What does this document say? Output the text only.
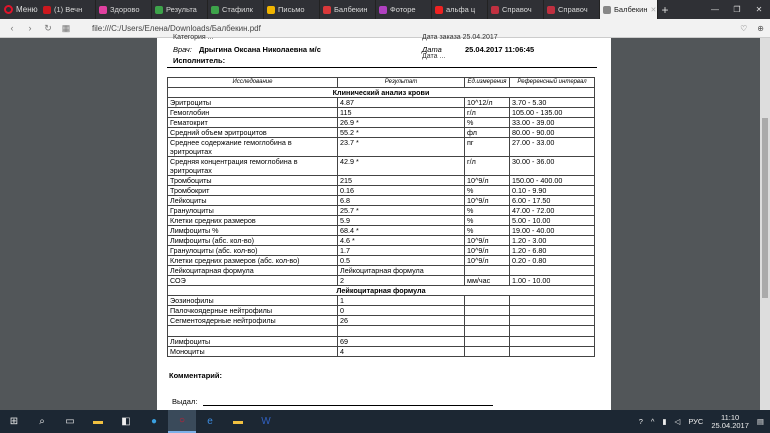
Меню (1) Вечн	Здорово	Результа	Стафилк	Письмо	Балбекин	Фоторе	альфа ц	Справоч	Справоч	Балбекин ✕ +	—	❐	✕
‹	›	↻ ▦	file:///C:/Users/Елена/Downloads/Балбекин.pdf	♡ ⊕
Категория ...	Дата заказа 25.04.2017
Врач: Дрыгина Оксана Николаевна м/с	Дата	25.04.2017 11:06:45
Исполнитель:	Дата ...
Исследование	Результат	Ед.измерения	Референсный интервал
Клинический анализ крови			
Эритроциты	4.87	10^12/л	3.70 - 5.30
Гемоглобин	115	г/л	105.00 - 135.00
Гематокрит	26.9 *	%	33.00 - 39.00
Средний объем эритроцитов	55.2 *	фл	80.00 - 90.00
Среднее содержание гемоглобина в эритроцитах	23.7 *	пг	27.00 - 33.00
Средняя концентрация гемоглобина в эритроцитах	42.9 *	г/л	30.00 - 36.00
Тромбоциты	215	10^9/л	150.00 - 400.00
Тромбокрит	0.16	%	0.10 - 9.90
Лейкоциты	6.8	10^9/л	6.00 - 17.50
Гранулоциты	25.7 *	%	47.00 - 72.00
Клетки средних размеров	5.9	%	5.00 - 10.00
Лимфоциты %	68.4 *	%	19.00 - 40.00
Лимфоциты (абс. кол-во)	4.6 *	10^9/л	1.20 - 3.00
Гранулоциты (абс. кол-во)	1.7	10^9/л	1.20 - 6.80
Клетки средних размеров (абс. кол-во)	0.5	10^9/л	0.20 - 0.80
Лейкоцитарная формула	Лейкоцитарная формула		
СОЭ	2	мм/час	1.00 - 10.00
Лейкоцитарная формула			
Эозинофилы	1		
Палочкоядерные нейтрофилы	0		
Сегментоядерные нейтрофилы	26		

Лимфоциты	69		
Моноциты	4		
Комментарий:
Выдал:
⊞	⌕	▭	▬	◧	●	○	e	▬	W	? ^ ▮ ◁ РУС	11:10
25.04.2017 ▤
